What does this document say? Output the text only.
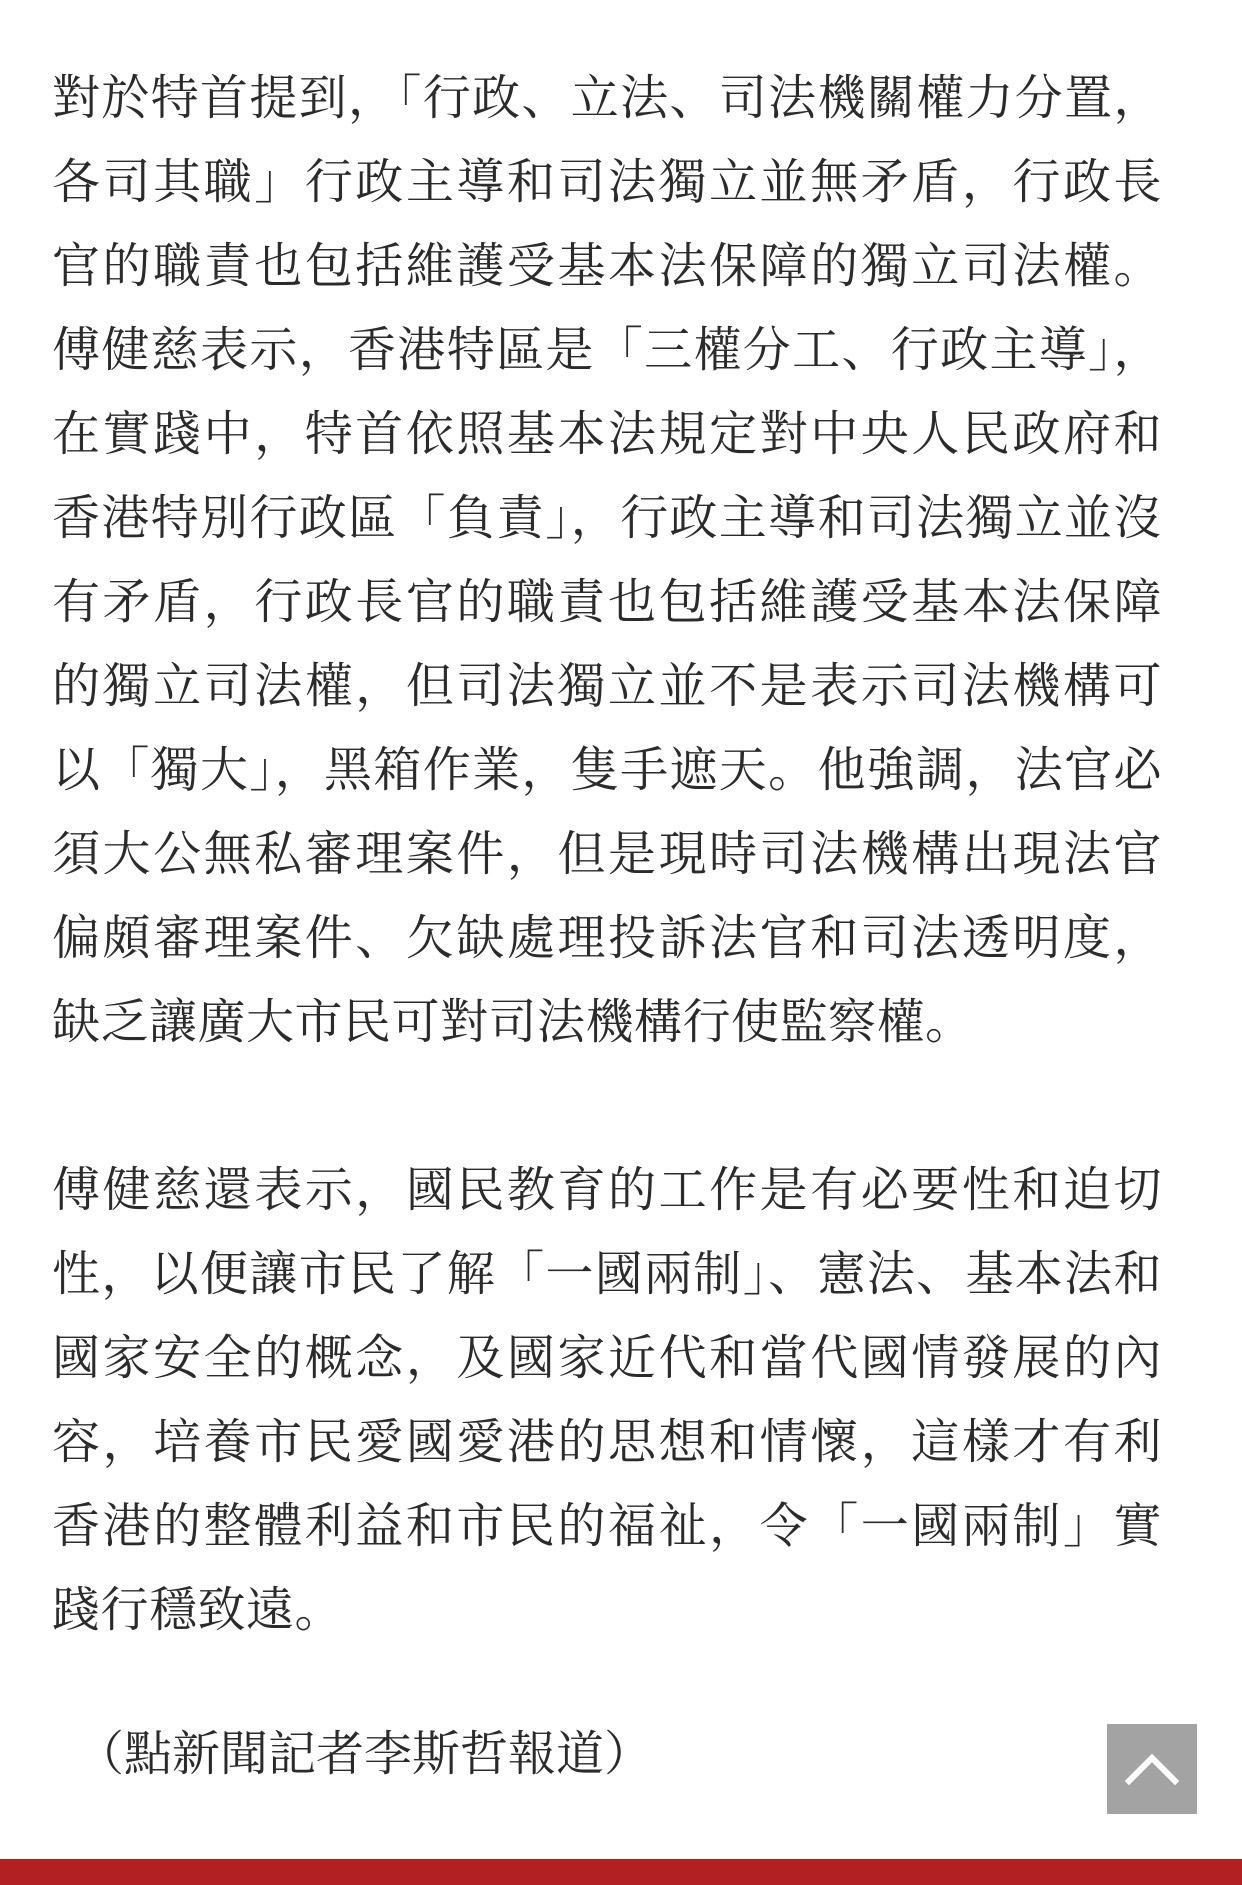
對於特首提到，「行政、立法、司法機關權力分置，各司其職」行政主導和司法獨立並無矛盾，行政長官的職責也包括維護受基本法保障的獨立司法權。傅健慈表示，香港特區是「三權分工、行政主導」，在實踐中，特首依照基本法規定對中央人民政府和香港特別行政區「負責」，行政主導和司法獨立並沒有矛盾，行政長官的職責也包括維護受基本法保障的獨立司法權，但司法獨立並不是表示司法機構可以「獨大」，黑箱作業，隻手遮天。他強調，法官必須大公無私審理案件，但是現時司法機構出現法官偏頗審理案件、欠缺處理投訴法官和司法透明度，缺乏讓廣大市民可對司法機構行使監察權。

傅健慈還表示，國民教育的工作是有必要性和迫切性，以便讓市民了解「一國兩制」、憲法、基本法和國家安全的概念，及國家近代和當代國情發展的內容，培養市民愛國愛港的思想和情懷，這樣才有利香港的整體利益和市民的福祉，令「一國兩制」實踐行穩致遠。

（點新聞記者李斯哲報道）
